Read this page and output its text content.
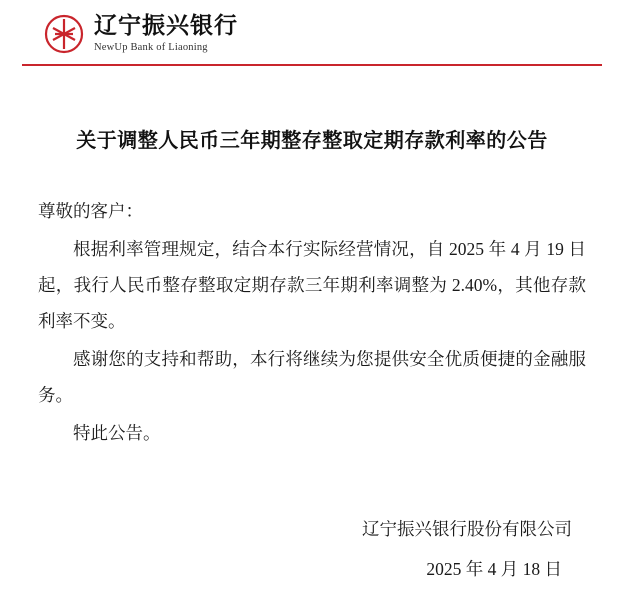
辽宁振兴银行
NewUp Bank of Liaoning
关于调整人民币三年期整存整取定期存款利率的公告
尊敬的客户：

根据利率管理规定，结合本行实际经营情况，自 2025 年 4 月 19 日起，我行人民币整存整取定期存款三年期利率调整为 2.40%，其他存款利率不变。

感谢您的支持和帮助，本行将继续为您提供安全优质便捷的金融服务。

特此公告。

辽宁振兴银行股份有限公司
2025 年 4 月 18 日
